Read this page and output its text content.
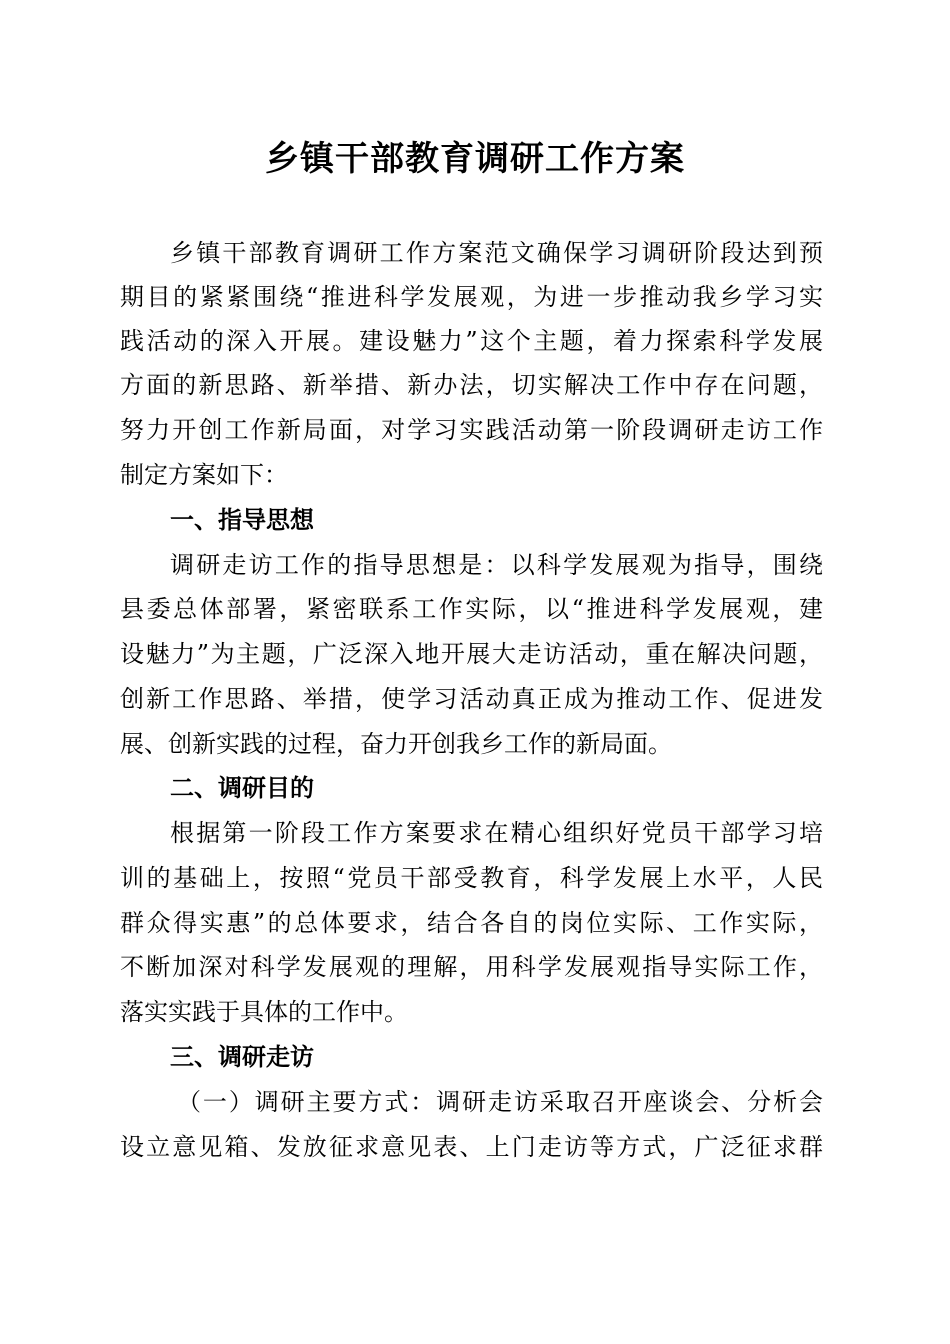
乡镇干部教育调研工作方案
乡镇干部教育调研工作方案范文确保学习调研阶段达到预
期目的紧紧围绕“推进科学发展观，为进一步推动我乡学习实
践活动的深入开展。建设魅力”这个主题，着力探索科学发展
方面的新思路、新举措、新办法，切实解决工作中存在问题，
努力开创工作新局面，对学习实践活动第一阶段调研走访工作
制定方案如下：
一、指导思想
调研走访工作的指导思想是：以科学发展观为指导，围绕
县委总体部署，紧密联系工作实际，以“推进科学发展观，建
设魅力”为主题，广泛深入地开展大走访活动，重在解决问题，
创新工作思路、举措，使学习活动真正成为推动工作、促进发
展、创新实践的过程，奋力开创我乡工作的新局面。
二、调研目的
根据第一阶段工作方案要求在精心组织好党员干部学习培
训的基础上，按照“党员干部受教育，科学发展上水平，人民
群众得实惠”的总体要求，结合各自的岗位实际、工作实际，
不断加深对科学发展观的理解，用科学发展观指导实际工作，
落实实践于具体的工作中。
三、调研走访
（一）调研主要方式：调研走访采取召开座谈会、分析会
设立意见箱、发放征求意见表、上门走访等方式，广泛征求群
